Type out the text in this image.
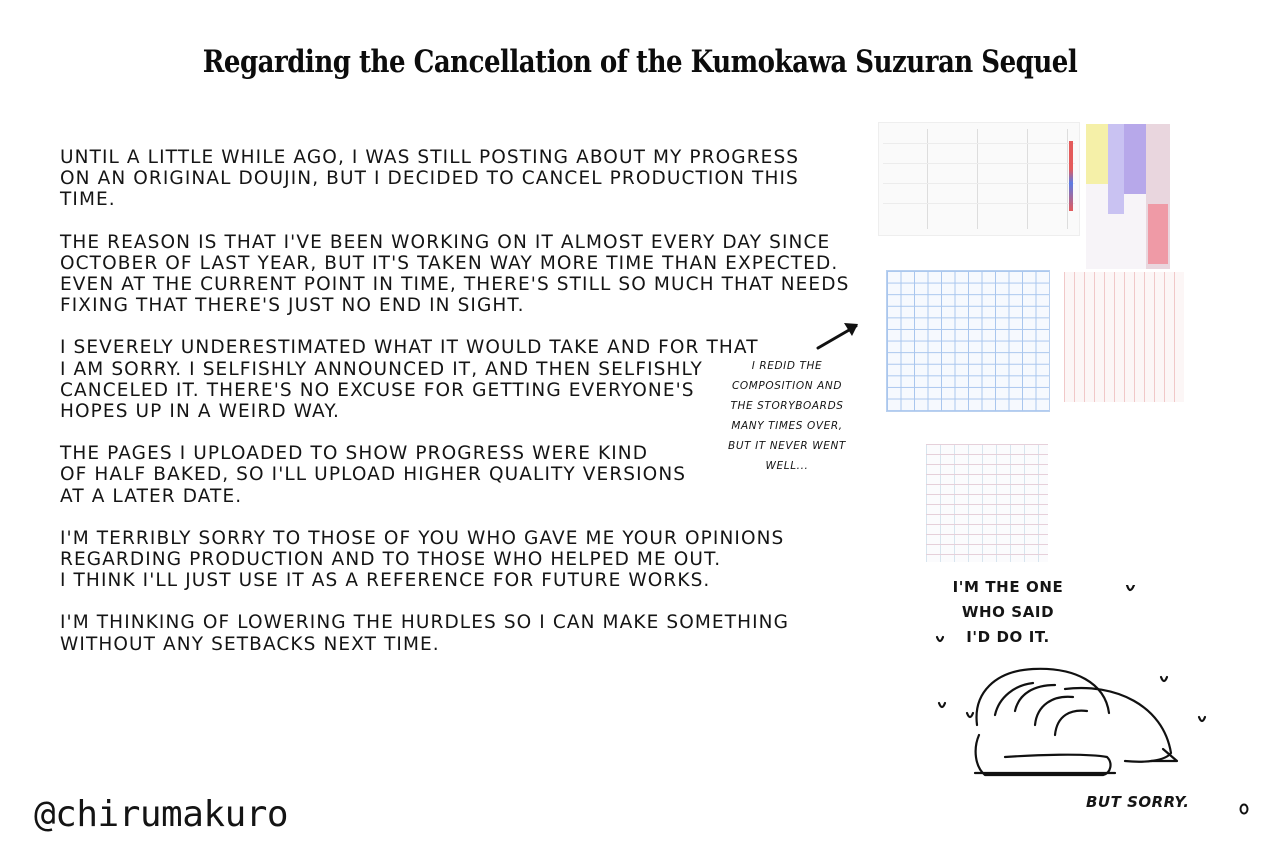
Regarding the Cancellation of the Kumokawa Suzuran Sequel

UNTIL A LITTLE WHILE AGO, I WAS STILL POSTING ABOUT MY PROGRESS
ON AN ORIGINAL DOUJIN, BUT I DECIDED TO CANCEL PRODUCTION THIS TIME.

THE REASON IS THAT I'VE BEEN WORKING ON IT ALMOST EVERY DAY SINCE
OCTOBER OF LAST YEAR, BUT IT'S TAKEN WAY MORE TIME THAN EXPECTED.
EVEN AT THE CURRENT POINT IN TIME, THERE'S STILL SO MUCH THAT NEEDS
FIXING THAT THERE'S JUST NO END IN SIGHT.

I SEVERELY UNDERESTIMATED WHAT IT WOULD TAKE AND FOR THAT
I AM SORRY. I SELFISHLY ANNOUNCED IT, AND THEN SELFISHLY
CANCELED IT. THERE'S NO EXCUSE FOR GETTING EVERYONE'S
HOPES UP IN A WEIRD WAY.

THE PAGES I UPLOADED TO SHOW PROGRESS WERE KIND
OF HALF BAKED, SO I'LL UPLOAD HIGHER QUALITY VERSIONS
AT A LATER DATE.

I'M TERRIBLY SORRY TO THOSE OF YOU WHO GAVE ME YOUR OPINIONS
REGARDING PRODUCTION AND TO THOSE WHO HELPED ME OUT.
I THINK I'LL JUST USE IT AS A REFERENCE FOR FUTURE WORKS.

I'M THINKING OF LOWERING THE HURDLES SO I CAN MAKE SOMETHING
WITHOUT ANY SETBACKS NEXT TIME.

I REDID THE
COMPOSITION AND
THE STORYBOARDS
MANY TIMES OVER,
BUT IT NEVER WENT
WELL...
I'M THE ONE
WHO SAID
I'D DO IT.
BUT SORRY.
@chirumakuro
